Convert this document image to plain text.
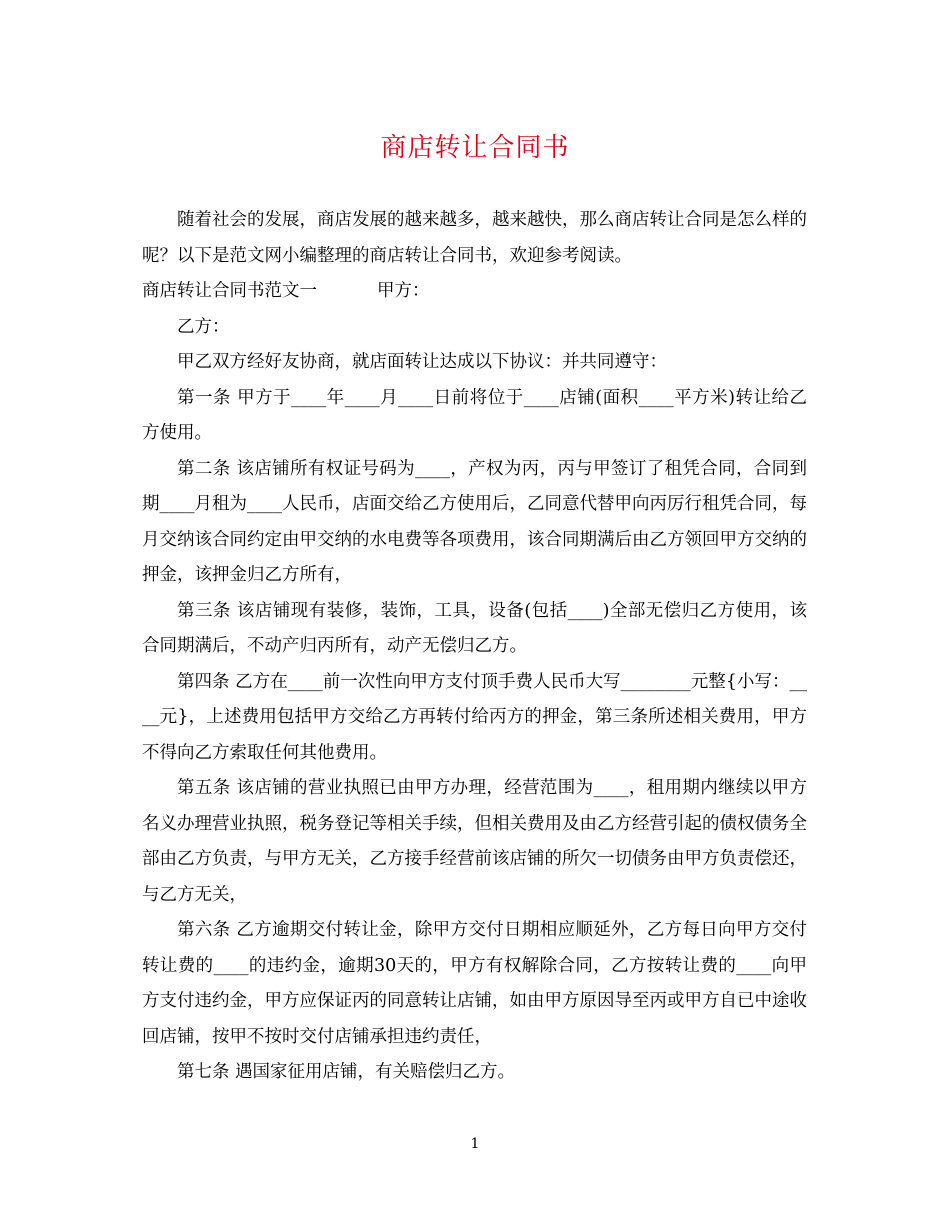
商店转让合同书

随着社会的发展，商店发展的越来越多，越来越快，那么商店转让合同是怎么样的呢？以下是范文网小编整理的商店转让合同书，欢迎参考阅读。

商店转让合同书范文一	甲方：

乙方：

甲乙双方经好友协商，就店面转让达成以下协议：并共同遵守：

第一条 甲方于____年____月____日前将位于____店铺(面积____平方米)转让给乙方使用。

第二条 该店铺所有权证号码为____，产权为丙，丙与甲签订了租凭合同，合同到期____月租为____人民币，店面交给乙方使用后，乙同意代替甲向丙厉行租凭合同，每月交纳该合同约定由甲交纳的水电费等各项费用，该合同期满后由乙方领回甲方交纳的押金，该押金归乙方所有，

第三条 该店铺现有装修，装饰，工具，设备(包括____)全部无偿归乙方使用，该合同期满后，不动产归丙所有，动产无偿归乙方。

第四条 乙方在____前一次性向甲方支付顶手费人民币大写________元整{小写：____元}，上述费用包括甲方交给乙方再转付给丙方的押金，第三条所述相关费用，甲方不得向乙方索取任何其他费用。

第五条 该店铺的营业执照已由甲方办理，经营范围为____，租用期内继续以甲方名义办理营业执照，税务登记等相关手续，但相关费用及由乙方经营引起的债权债务全部由乙方负责，与甲方无关，乙方接手经营前该店铺的所欠一切债务由甲方负责偿还，与乙方无关，

第六条 乙方逾期交付转让金，除甲方交付日期相应顺延外，乙方每日向甲方交付转让费的____的违约金，逾期30天的，甲方有权解除合同，乙方按转让费的____向甲方支付违约金，甲方应保证丙的同意转让店铺，如由甲方原因导至丙或甲方自已中途收回店铺，按甲不按时交付店铺承担违约责任，

第七条 遇国家征用店铺，有关赔偿归乙方。

1
